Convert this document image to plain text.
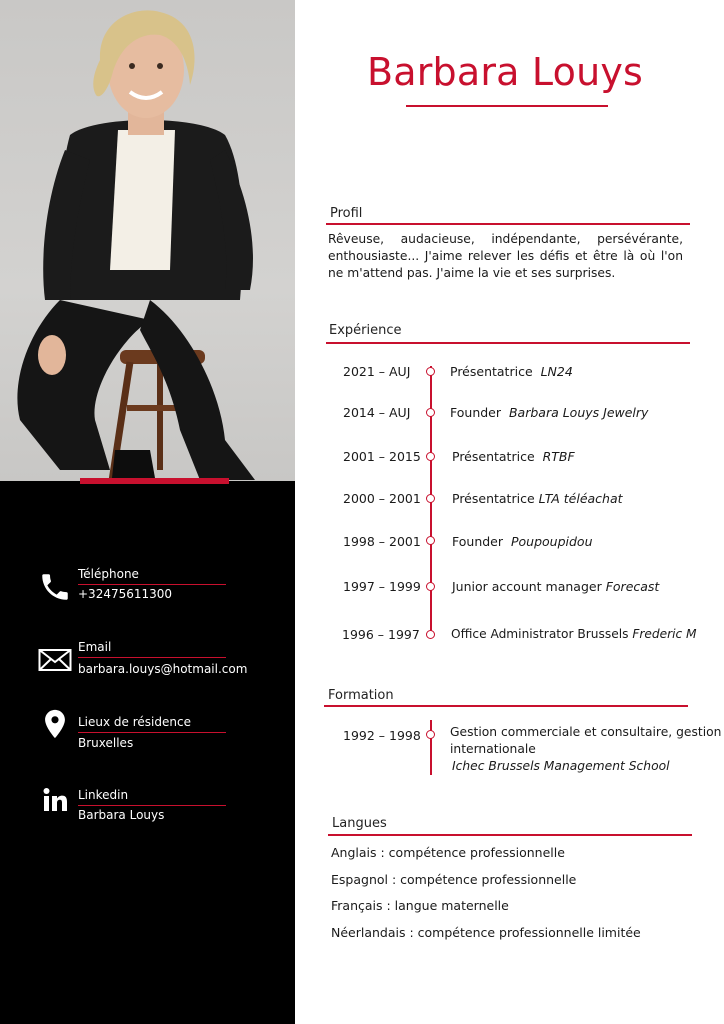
Téléphone
+32475611300
Email
barbara.louys@hotmail.com
Lieux de résidence
Bruxelles
Linkedin
Barbara Louys
Barbara Louys
Profil
Rêveuse, audacieuse, indépendante, persévérante, enthousiaste... J'aime relever les défis et être là où l'on ne m'attend pas. J'aime la vie et ses surprises.
Expérience
2021 – AUJ	Présentatrice LN24
2014 – AUJ	Founder Barbara Louys Jewelry
2001 – 2015 Présentatrice RTBF
2000 – 2001 Présentatrice LTA téléachat
1998 – 2001 Founder Poupoupidou
1997 – 1999 Junior account manager Forecast
1996 – 1997	Office Administrator Brussels Frederic M
Formation
1992 – 1998 Gestion commerciale et consultaire, gestion
internationale
Ichec Brussels Management School
Langues
Anglais : compétence professionnelle
Espagnol : compétence professionnelle
Français : langue maternelle
Néerlandais : compétence professionnelle limitée
